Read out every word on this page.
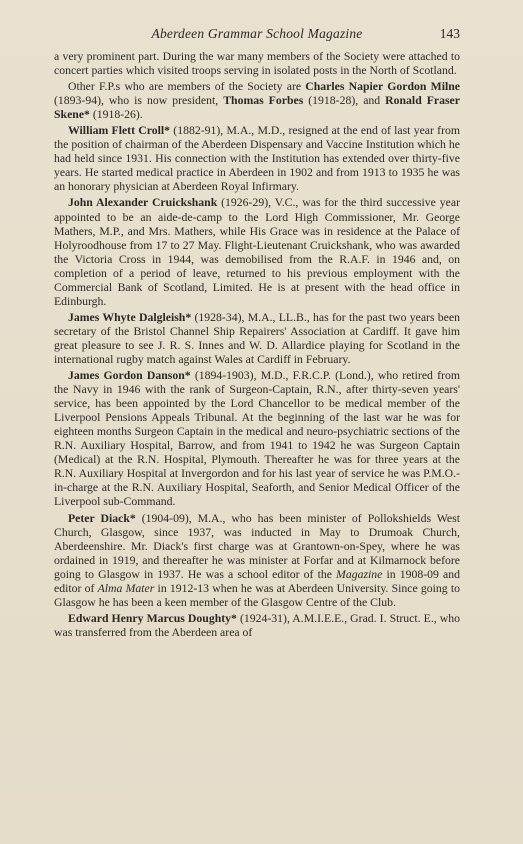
Aberdeen Grammar School Magazine	143

a very prominent part. During the war many members of the Society were attached to concert parties which visited troops serving in isolated posts in the North of Scotland.

Other F.P.s who are members of the Society are Charles Napier Gordon Milne (1893-94), who is now president, Thomas Forbes (1918-28), and Ronald Fraser Skene* (1918-26).

William Flett Croll* (1882-91), M.A., M.D., resigned at the end of last year from the position of chairman of the Aberdeen Dispensary and Vaccine Institution which he had held since 1931. His connection with the Institution has extended over thirty-five years. He started medical practice in Aberdeen in 1902 and from 1913 to 1935 he was an honorary physician at Aberdeen Royal Infirmary.

John Alexander Cruickshank (1926-29), V.C., was for the third successive year appointed to be an aide-de-camp to the Lord High Commissioner, Mr. George Mathers, M.P., and Mrs. Mathers, while His Grace was in residence at the Palace of Holyroodhouse from 17 to 27 May. Flight-Lieutenant Cruickshank, who was awarded the Victoria Cross in 1944, was demobilised from the R.A.F. in 1946 and, on completion of a period of leave, returned to his previous employment with the Commercial Bank of Scotland, Limited. He is at present with the head office in Edinburgh.

James Whyte Dalgleish* (1928-34), M.A., LL.B., has for the past two years been secretary of the Bristol Channel Ship Repairers' Association at Cardiff. It gave him great pleasure to see J. R. S. Innes and W. D. Allardice playing for Scotland in the international rugby match against Wales at Cardiff in February.

James Gordon Danson* (1894-1903), M.D., F.R.C.P. (Lond.), who retired from the Navy in 1946 with the rank of Surgeon-Captain, R.N., after thirty-seven years' service, has been appointed by the Lord Chancellor to be medical member of the Liverpool Pensions Appeals Tribunal. At the beginning of the last war he was for eighteen months Surgeon Captain in the medical and neuro-psychiatric sections of the R.N. Auxiliary Hospital, Barrow, and from 1941 to 1942 he was Surgeon Captain (Medical) at the R.N. Hospital, Plymouth. Thereafter he was for three years at the R.N. Auxiliary Hospital at Invergordon and for his last year of service he was P.M.O.-in-charge at the R.N. Auxiliary Hospital, Seaforth, and Senior Medical Officer of the Liverpool sub-Command.

Peter Diack* (1904-09), M.A., who has been minister of Pollokshields West Church, Glasgow, since 1937, was inducted in May to Drumoak Church, Aberdeenshire. Mr. Diack's first charge was at Grantown-on-Spey, where he was ordained in 1919, and thereafter he was minister at Forfar and at Kilmarnock before going to Glasgow in 1937. He was a school editor of the Magazine in 1908-09 and editor of Alma Mater in 1912-13 when he was at Aberdeen University. Since going to Glasgow he has been a keen member of the Glasgow Centre of the Club.

Edward Henry Marcus Doughty* (1924-31), A.M.I.E.E., Grad. I. Struct. E., who was transferred from the Aberdeen area of
